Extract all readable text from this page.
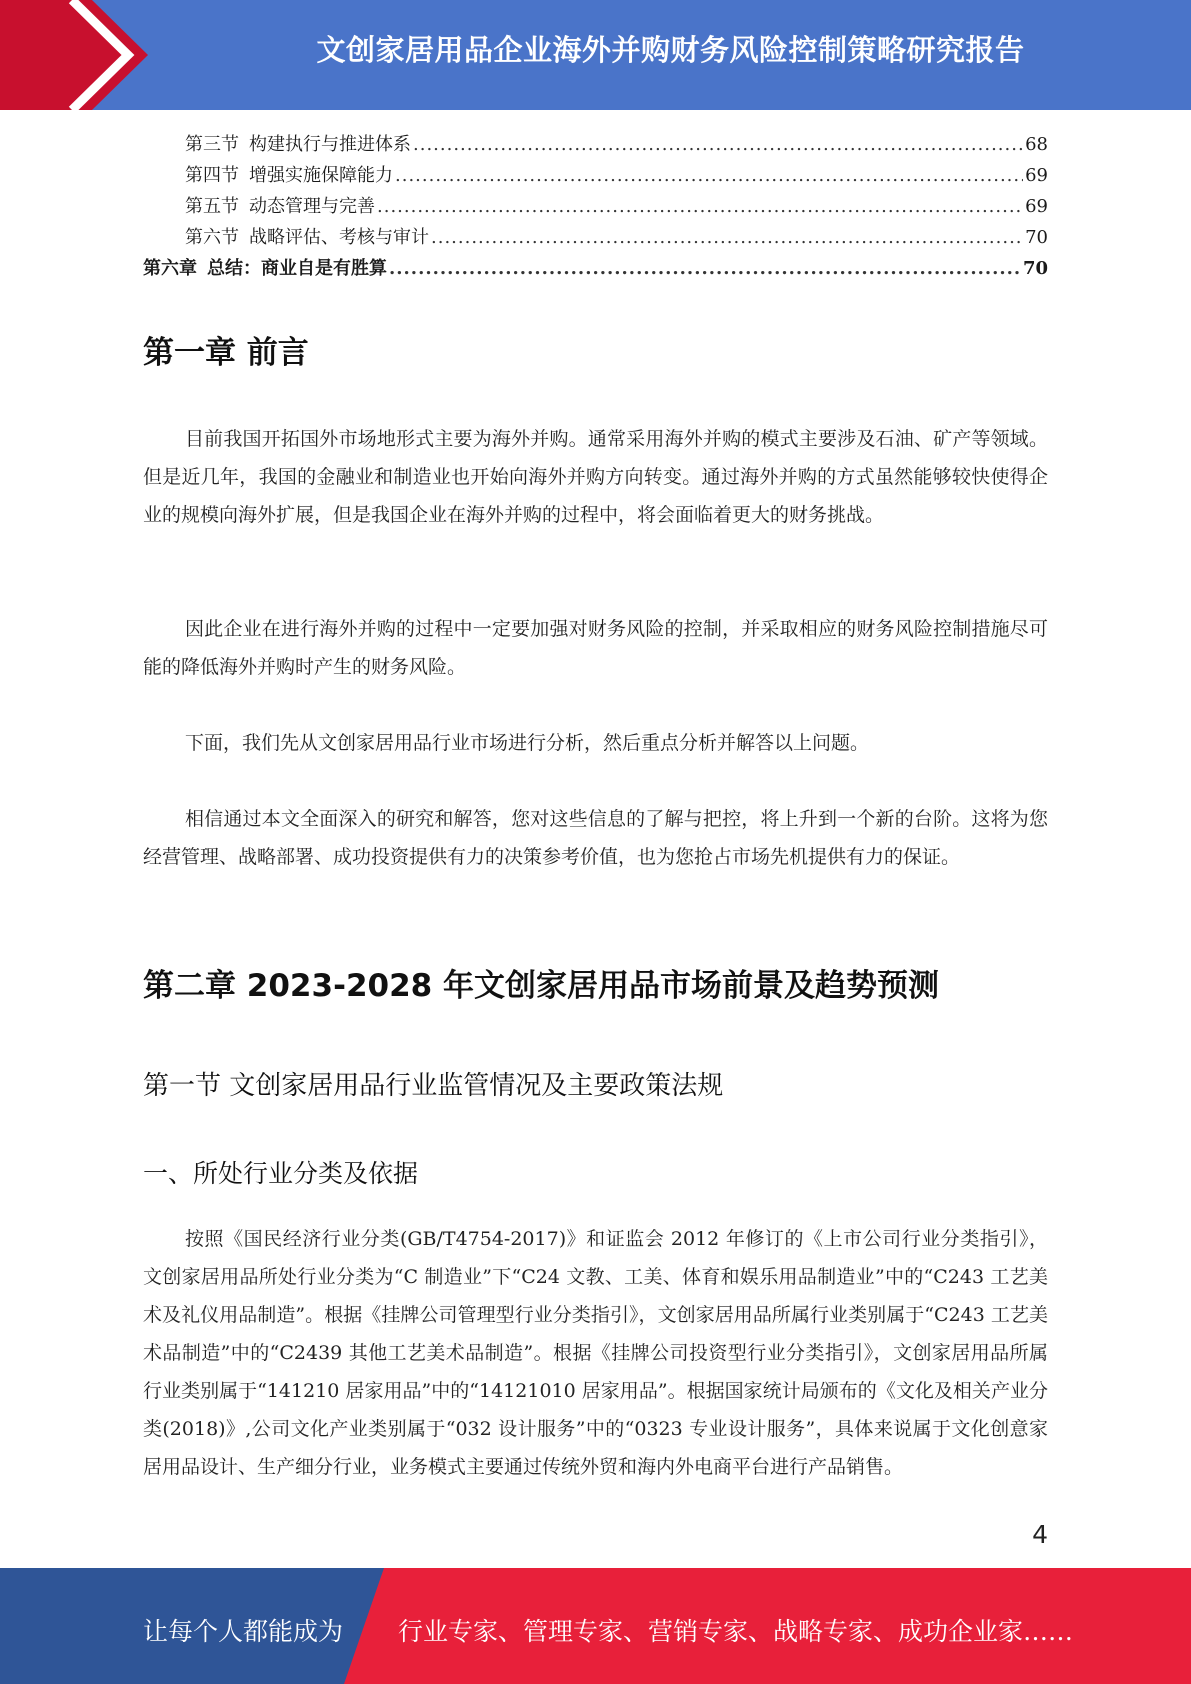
文创家居用品企业海外并购财务风险控制策略研究报告
第三节 构建执行与推进体系 .....	68
第四节 增强实施保障能力 .....	69
第五节 动态管理与完善 .....	69
第六节 战略评估、考核与审计 .....	70
第六章 总结：商业自是有胜算 .....	70
第一章 前言
目前我国开拓国外市场地形式主要为海外并购。通常采用海外并购的模式主要涉及石油、矿产等领域。但是近几年，我国的金融业和制造业也开始向海外并购方向转变。通过海外并购的方式虽然能够较快使得企业的规模向海外扩展，但是我国企业在海外并购的过程中，将会面临着更大的财务挑战。
因此企业在进行海外并购的过程中一定要加强对财务风险的控制，并采取相应的财务风险控制措施尽可能的降低海外并购时产生的财务风险。
下面，我们先从文创家居用品行业市场进行分析，然后重点分析并解答以上问题。
相信通过本文全面深入的研究和解答，您对这些信息的了解与把控，将上升到一个新的台阶。这将为您经营管理、战略部署、成功投资提供有力的决策参考价值，也为您抢占市场先机提供有力的保证。
第二章 2023-2028 年文创家居用品市场前景及趋势预测
第一节 文创家居用品行业监管情况及主要政策法规
一、所处行业分类及依据
按照《国民经济行业分类(GB/T4754-2017)》和证监会 2012 年修订的《上市公司行业分类指引》，文创家居用品所处行业分类为“C 制造业”下“C24 文教、工美、体育和娱乐用品制造业”中的“C243 工艺美术及礼仪用品制造”。根据《挂牌公司管理型行业分类指引》，文创家居用品所属行业类别属于“C243 工艺美术品制造”中的“C2439 其他工艺美术品制造”。根据《挂牌公司投资型行业分类指引》，文创家居用品所属行业类别属于“141210 居家用品”中的“14121010 居家用品”。根据国家统计局颁布的《文化及相关产业分类(2018)》,公司文化产业类别属于“032 设计服务”中的“0323 专业设计服务”，具体来说属于文化创意家居用品设计、生产细分行业，业务模式主要通过传统外贸和海内外电商平台进行产品销售。
4
让每个人都能成为 行业专家、管理专家、营销专家、战略专家、成功企业家……
